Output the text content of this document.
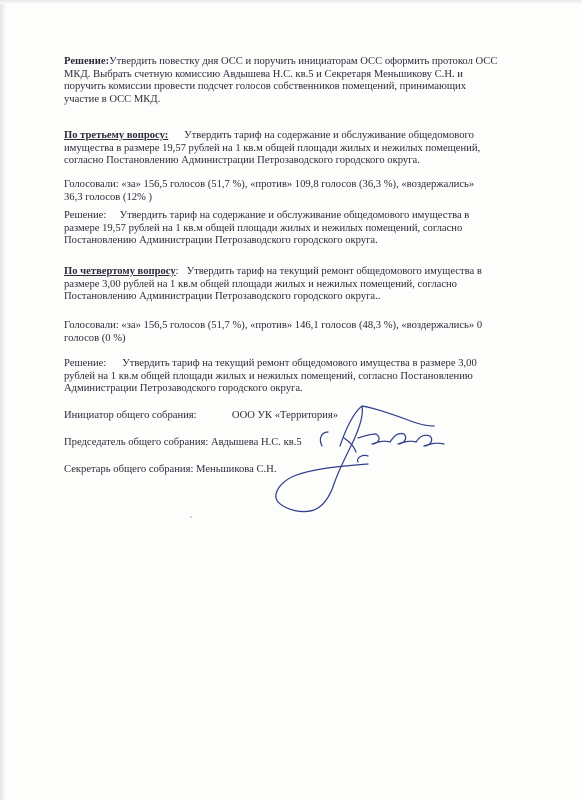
Решение:Утвердить повестку дня ОСС и поручить инициаторам ОСС оформить протокол ОСС
МКД. Выбрать счетную комиссию Авдышева Н.С. кв.5 и Секретаря Меньшикову С.Н. и
поручить комиссии провести подсчет голосов собственников помещений, принимающих
участие в ОСС МКД.
По третьему вопросу: Утвердить тариф на содержание и обслуживание общедомового
имущества в размере 19,57 рублей на 1 кв.м общей площади жилых и нежилых помещений,
согласно Постановлению Администрации Петрозаводского городского округа.
Голосовали: «за» 156,5 голосов (51,7 %), «против» 109,8 голосов (36,3 %), «воздержались»
36,3 голосов (12% )
Решение: Утвердить тариф на содержание и обслуживание общедомового имущества в
размере 19,57 рублей на 1 кв.м общей площади жилых и нежилых помещений, согласно
Постановлению Администрации Петрозаводского городского округа.
По четвертому вопросу: Утвердить тариф на текущий ремонт общедомового имущества в
размере 3,00 рублей на 1 кв.м общей площади жилых и нежилых помещений, согласно
Постановлению Администрации Петрозаводского городского округа..
Голосовали: «за» 156,5 голосов (51,7 %), «против» 146,1 голосов (48,3 %), «воздержались» 0
голосов (0 %)
Решение: Утвердить тариф на текущий ремонт общедомового имущества в размере 3,00
рублей на 1 кв.м общей площади жилых и нежилых помещений, согласно Постановлению
Администрации Петрозаводского городского округа.
Инициатор общего собрания:	ООО УК «Территория»
Председатель общего собрания: Авдышева Н.С. кв.5
Секретарь общего собрания: Меньшикова С.Н.
